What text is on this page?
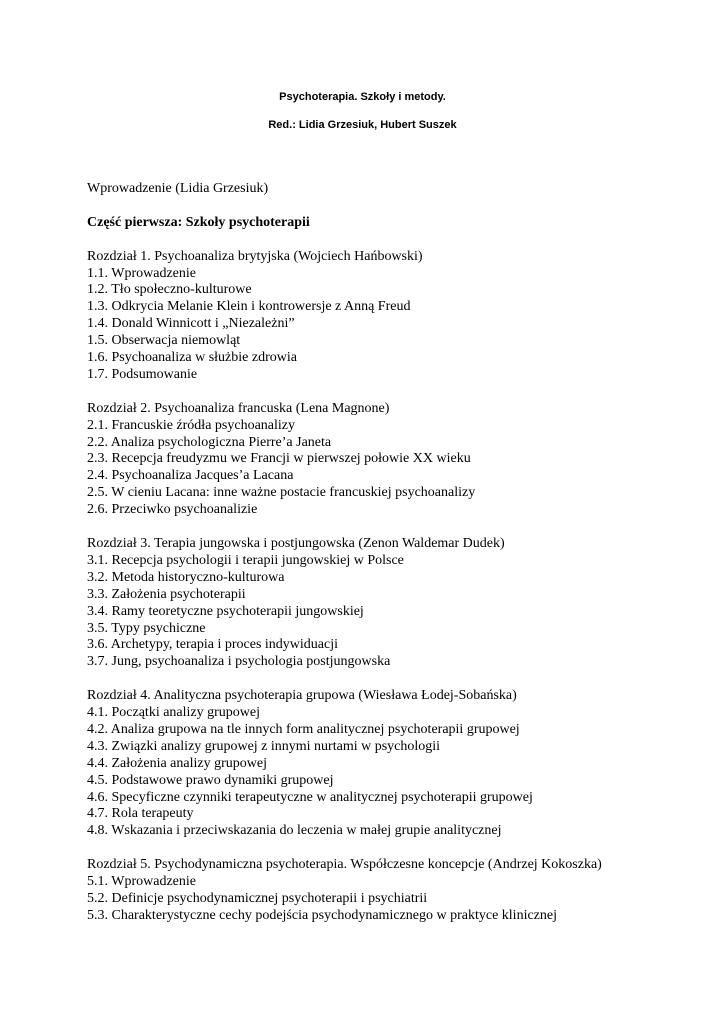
Psychoterapia. Szkoły i metody.
Red.: Lidia Grzesiuk, Hubert Suszek
Wprowadzenie (Lidia Grzesiuk)
Część pierwsza: Szkoły psychoterapii
Rozdział 1. Psychoanaliza brytyjska (Wojciech Hańbowski)
1.1. Wprowadzenie
1.2. Tło społeczno-kulturowe
1.3. Odkrycia Melanie Klein i kontrowersje z Anną Freud
1.4. Donald Winnicott i „Niezależni”
1.5. Obserwacja niemowląt
1.6. Psychoanaliza w służbie zdrowia
1.7. Podsumowanie
Rozdział 2. Psychoanaliza francuska (Lena Magnone)
2.1. Francuskie źródła psychoanalizy
2.2. Analiza psychologiczna Pierre’a Janeta
2.3. Recepcja freudyzmu we Francji w pierwszej połowie XX wieku
2.4. Psychoanaliza Jacques’a Lacana
2.5. W cieniu Lacana: inne ważne postacie francuskiej psychoanalizy
2.6. Przeciwko psychoanalizie
Rozdział 3. Terapia jungowska i postjungowska (Zenon Waldemar Dudek)
3.1. Recepcja psychologii i terapii jungowskiej w Polsce
3.2. Metoda historyczno-kulturowa
3.3. Założenia psychoterapii
3.4. Ramy teoretyczne psychoterapii jungowskiej
3.5. Typy psychiczne
3.6. Archetypy, terapia i proces indywiduacji
3.7. Jung, psychoanaliza i psychologia postjungowska
Rozdział 4. Analityczna psychoterapia grupowa (Wiesława Łodej-Sobańska)
4.1. Początki analizy grupowej
4.2. Analiza grupowa na tle innych form analitycznej psychoterapii grupowej
4.3. Związki analizy grupowej z innymi nurtami w psychologii
4.4. Założenia analizy grupowej
4.5. Podstawowe prawo dynamiki grupowej
4.6. Specyficzne czynniki terapeutyczne w analitycznej psychoterapii grupowej
4.7. Rola terapeuty
4.8. Wskazania i przeciwskazania do leczenia w małej grupie analitycznej
Rozdział 5. Psychodynamiczna psychoterapia. Współczesne koncepcje (Andrzej Kokoszka)
5.1. Wprowadzenie
5.2. Definicje psychodynamicznej psychoterapii i psychiatrii
5.3. Charakterystyczne cechy podejścia psychodynamicznego w praktyce klinicznej
